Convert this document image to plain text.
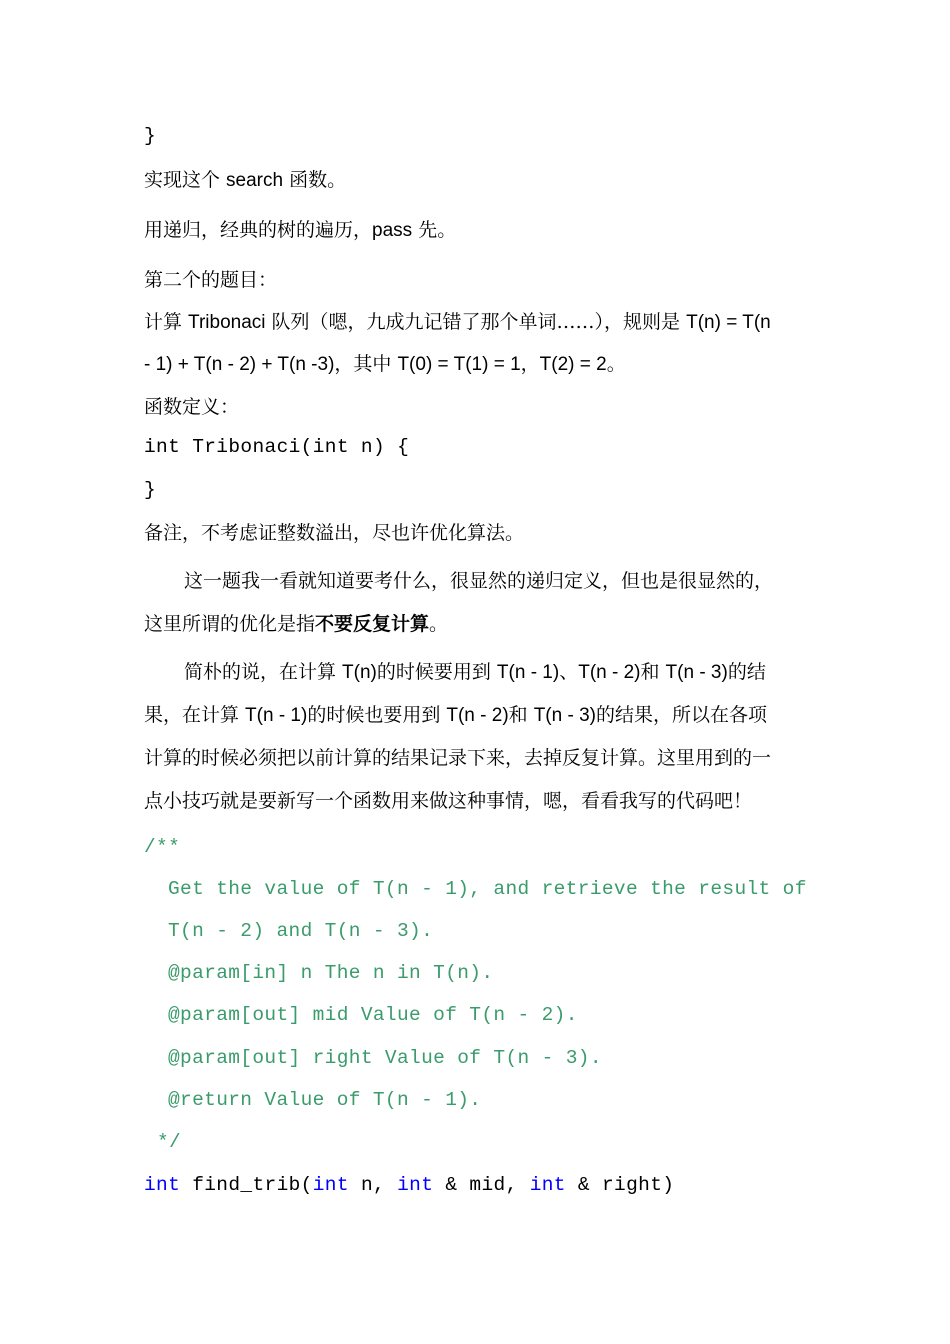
}
实现这个 search 函数。
用递归，经典的树的遍历，pass 先。
第二个的题目：
计算 Tribonaci 队列（嗯，九成九记错了那个单词……），规则是 T(n) = T(n
- 1) + T(n - 2) + T(n -3)，其中 T(0) = T(1) = 1，T(2) = 2。
函数定义：
int Tribonaci(int n) {
}
备注，不考虑证整数溢出，尽也许优化算法。
这一题我一看就知道要考什么，很显然的递归定义，但也是很显然的，
这里所谓的优化是指不要反复计算。
简朴的说，在计算 T(n)的时候要用到 T(n - 1)、T(n - 2)和 T(n - 3)的结
果，在计算 T(n - 1)的时候也要用到 T(n - 2)和 T(n - 3)的结果，所以在各项
计算的时候必须把以前计算的结果记录下来，去掉反复计算。这里用到的一
点小技巧就是要新写一个函数用来做这种事情，嗯，看看我写的代码吧！
/**
Get the value of T(n - 1), and retrieve the result of
T(n - 2) and T(n - 3).
@param[in] n The n in T(n).
@param[out] mid Value of T(n - 2).
@param[out] right Value of T(n - 3).
@return Value of T(n - 1).
*/
int find_trib(int n, int & mid, int & right)
